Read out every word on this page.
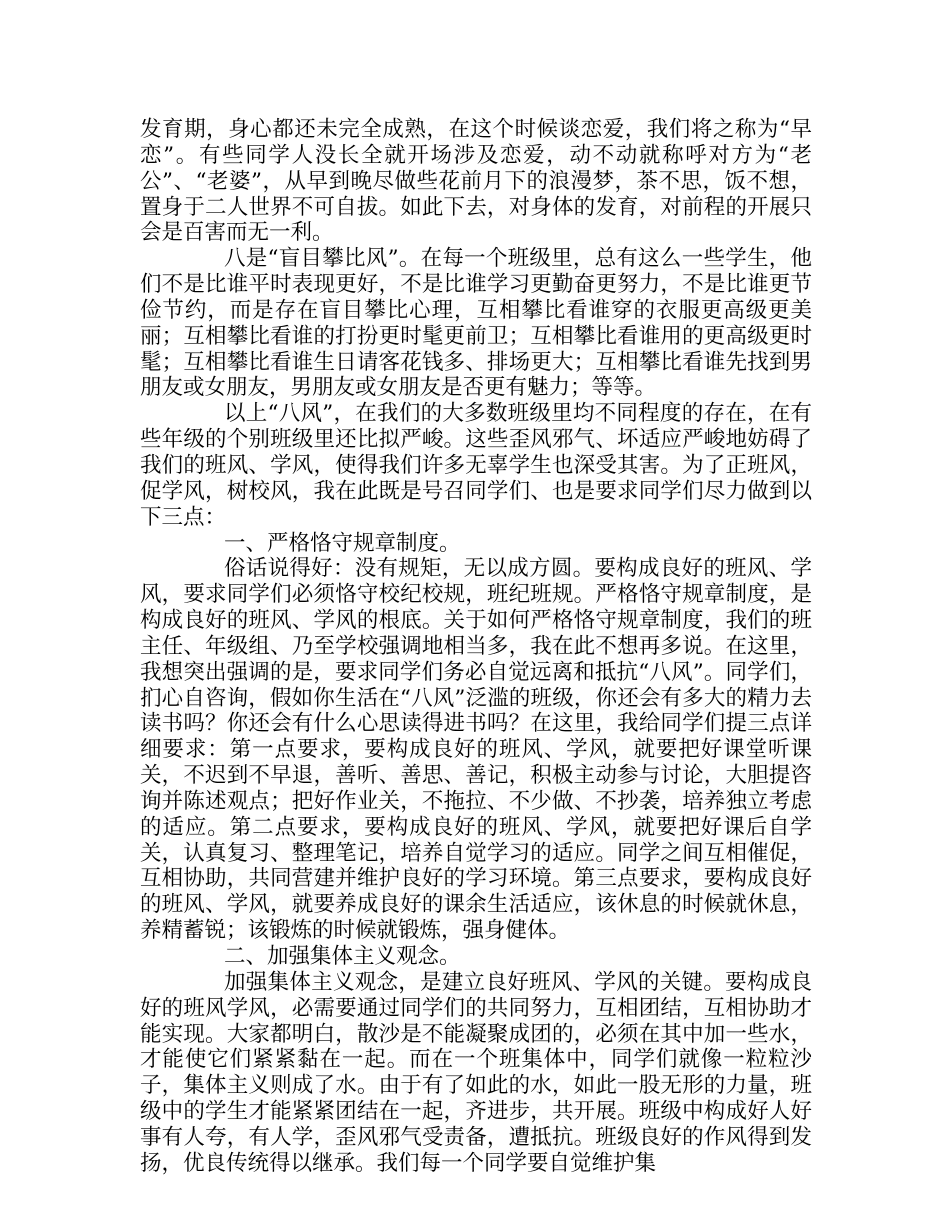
发育期，身心都还未完全成熟，在这个时候谈恋爱，我们将之称为“早恋”。有些同学人没长全就开场涉及恋爱，动不动就称呼对方为“老公”、“老婆”，从早到晚尽做些花前月下的浪漫梦，茶不思，饭不想，置身于二人世界不可自拔。如此下去，对身体的发育，对前程的开展只会是百害而无一利。

八是“盲目攀比风”。在每一个班级里，总有这么一些学生，他们不是比谁平时表现更好，不是比谁学习更勤奋更努力，不是比谁更节俭节约，而是存在盲目攀比心理，互相攀比看谁穿的衣服更高级更美丽；互相攀比看谁的打扮更时髦更前卫；互相攀比看谁用的更高级更时髦；互相攀比看谁生日请客花钱多、排场更大；互相攀比看谁先找到男朋友或女朋友，男朋友或女朋友是否更有魅力；等等。

以上“八风”，在我们的大多数班级里均不同程度的存在，在有些年级的个别班级里还比拟严峻。这些歪风邪气、坏适应严峻地妨碍了我们的班风、学风，使得我们许多无辜学生也深受其害。为了正班风，促学风，树校风，我在此既是号召同学们、也是要求同学们尽力做到以下三点：

一、严格恪守规章制度。

俗话说得好：没有规矩，无以成方圆。要构成良好的班风、学风，要求同学们必须恪守校纪校规，班纪班规。严格恪守规章制度，是构成良好的班风、学风的根底。关于如何严格恪守规章制度，我们的班主任、年级组、乃至学校强调地相当多，我在此不想再多说。在这里，我想突出强调的是，要求同学们务必自觉远离和抵抗“八风”。同学们，扪心自咨询，假如你生活在“八风”泛滥的班级，你还会有多大的精力去读书吗？你还会有什么心思读得进书吗？在这里，我给同学们提三点详细要求：第一点要求，要构成良好的班风、学风，就要把好课堂听课关，不迟到不早退，善听、善思、善记，积极主动参与讨论，大胆提咨询并陈述观点；把好作业关，不拖拉、不少做、不抄袭，培养独立考虑的适应。第二点要求，要构成良好的班风、学风，就要把好课后自学关，认真复习、整理笔记，培养自觉学习的适应。同学之间互相催促，互相协助，共同营建并维护良好的学习环境。第三点要求，要构成良好的班风、学风，就要养成良好的课余生活适应，该休息的时候就休息，养精蓄锐；该锻炼的时候就锻炼，强身健体。

二、加强集体主义观念。

加强集体主义观念，是建立良好班风、学风的关键。要构成良好的班风学风，必需要通过同学们的共同努力，互相团结，互相协助才能实现。大家都明白，散沙是不能凝聚成团的，必须在其中加一些水，才能使它们紧紧黏在一起。而在一个班集体中，同学们就像一粒粒沙子，集体主义则成了水。由于有了如此的水，如此一股无形的力量，班级中的学生才能紧紧团结在一起，齐进步，共开展。班级中构成好人好事有人夸，有人学，歪风邪气受责备，遭抵抗。班级良好的作风得到发扬，优良传统得以继承。我们每一个同学要自觉维护集
